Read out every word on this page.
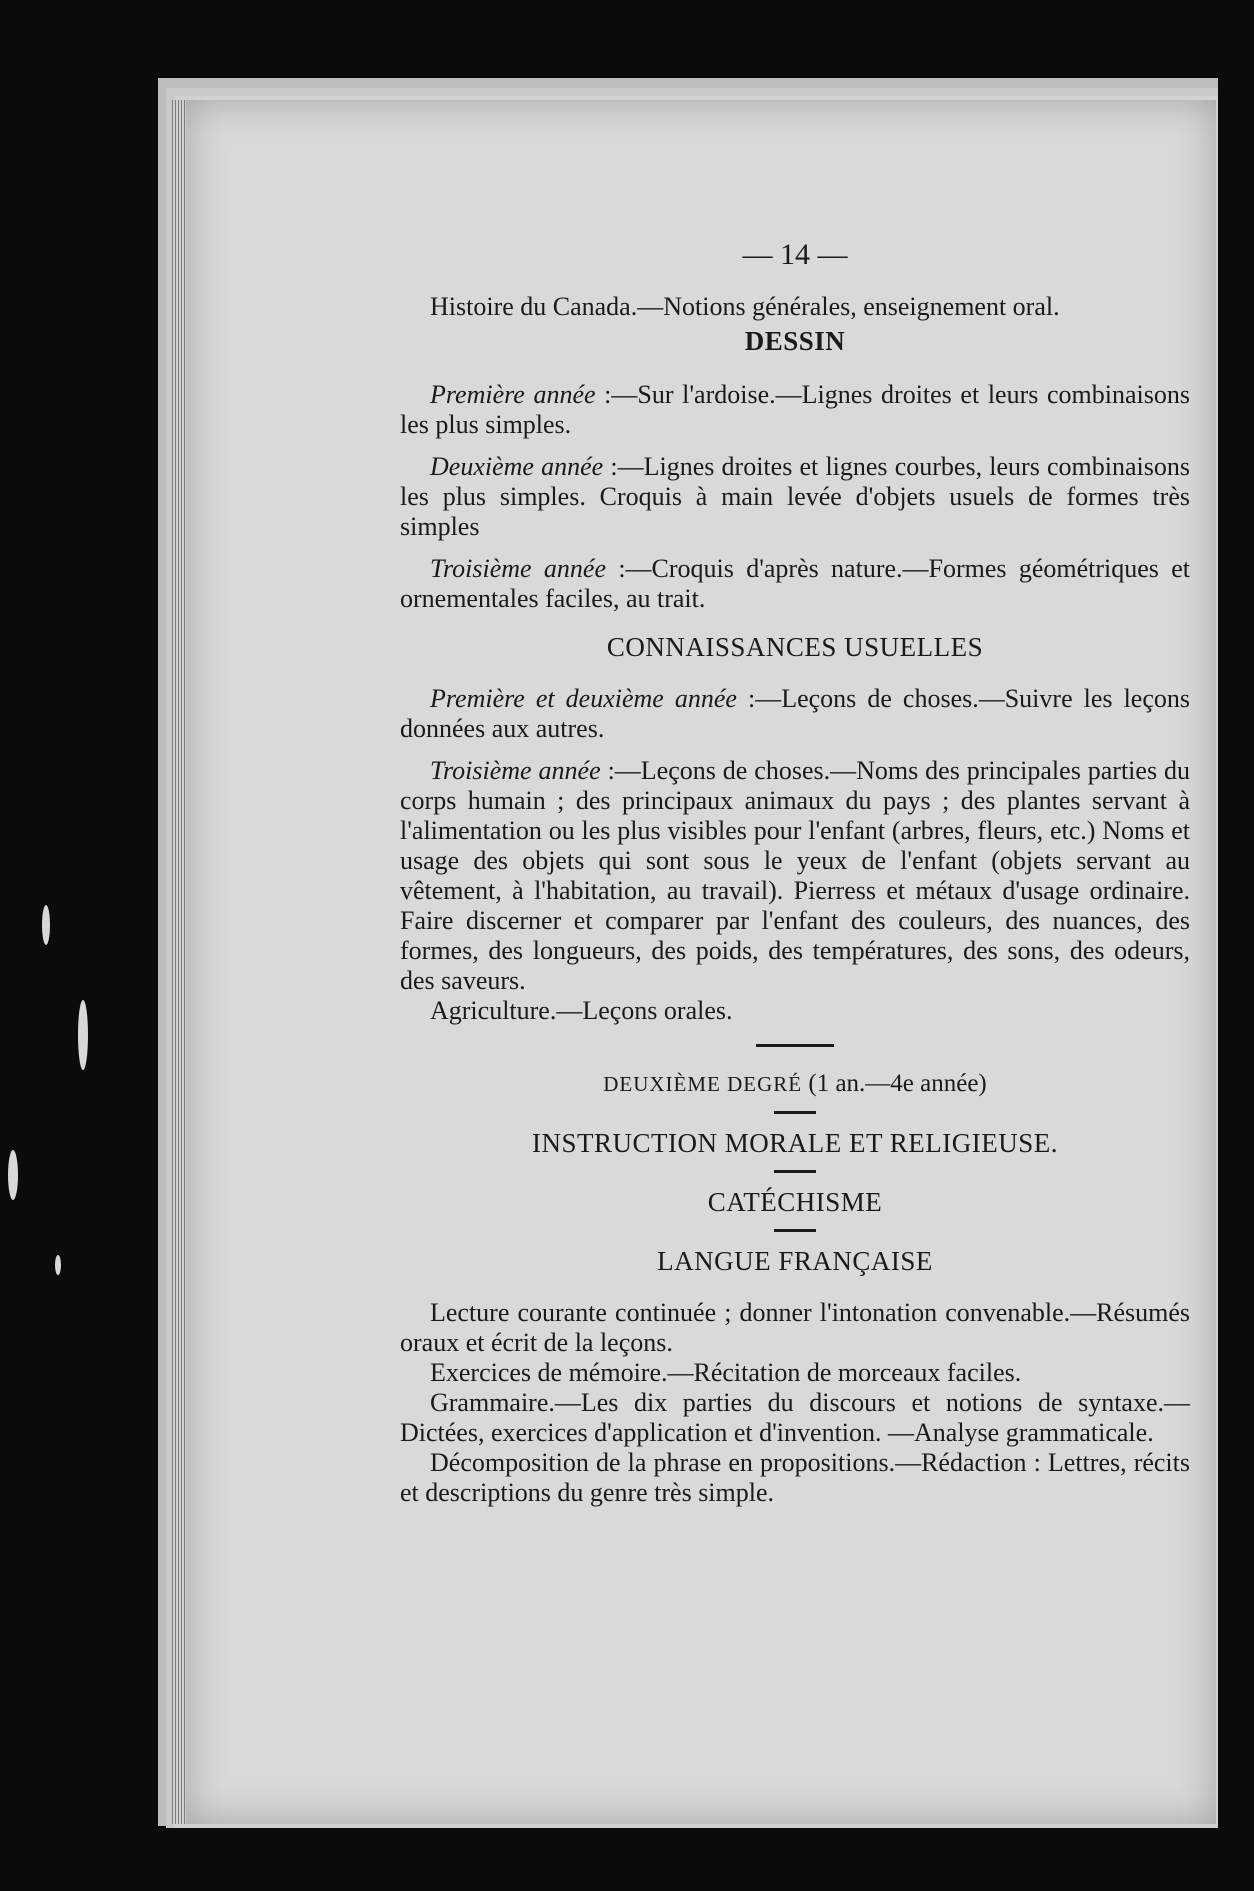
— 14 —

Histoire du Canada.—Notions générales, enseignement oral.

DESSIN

Première année :—Sur l'ardoise.—Lignes droites et leurs combinaisons les plus simples.

Deuxième année :—Lignes droites et lignes courbes, leurs combinaisons les plus simples. Croquis à main levée d'objets usuels de formes très simples

Troisième année :—Croquis d'après nature.—Formes géométriques et ornementales faciles, au trait.

CONNAISSANCES USUELLES

Première et deuxième année :—Leçons de choses.—Suivre les leçons données aux autres.

Troisième année :—Leçons de choses.—Noms des principales parties du corps humain ; des principaux animaux du pays ; des plantes servant à l'alimentation ou les plus visibles pour l'enfant (arbres, fleurs, etc.) Noms et usage des objets qui sont sous le yeux de l'enfant (objets servant au vêtement, à l'habitation, au travail). Pierress et métaux d'usage ordinaire. Faire discerner et comparer par l'enfant des couleurs, des nuances, des formes, des longueurs, des poids, des températures, des sons, des odeurs, des saveurs.

Agriculture.—Leçons orales.

DEUXIÈME DEGRÉ (1 an.—4e année)
INSTRUCTION MORALE ET RELIGIEUSE.
CATÉCHISME
LANGUE FRANÇAISE

Lecture courante continuée ; donner l'intonation convenable.—Résumés oraux et écrit de la leçons.

Exercices de mémoire.—Récitation de morceaux faciles.

Grammaire.—Les dix parties du discours et notions de syntaxe.—Dictées, exercices d'application et d'invention. —Analyse grammaticale.

Décomposition de la phrase en propositions.—Rédaction : Lettres, récits et descriptions du genre très simple.
